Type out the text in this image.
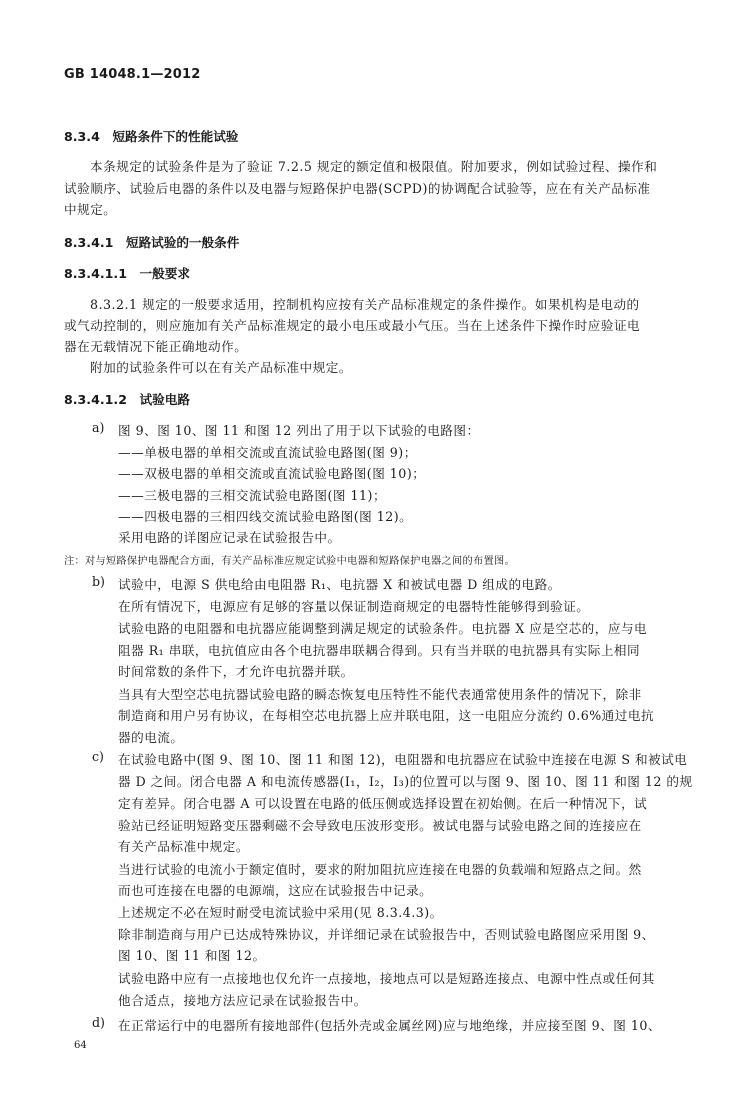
GB 14048.1—2012
8.3.4　短路条件下的性能试验
本条规定的试验条件是为了验证 7.2.5 规定的额定值和极限值。附加要求，例如试验过程、操作和
试验顺序、试验后电器的条件以及电器与短路保护电器(SCPD)的协调配合试验等，应在有关产品标准
中规定。
8.3.4.1　短路试验的一般条件
8.3.4.1.1　一般要求
8.3.2.1 规定的一般要求适用，控制机构应按有关产品标准规定的条件操作。如果机构是电动的
或气动控制的，则应施加有关产品标准规定的最小电压或最小气压。当在上述条件下操作时应验证电
器在无载情况下能正确地动作。
附加的试验条件可以在有关产品标准中规定。
8.3.4.1.2　试验电路
a) 图 9、图 10、图 11 和图 12 列出了用于以下试验的电路图：
——单极电器的单相交流或直流试验电路图(图 9)；
——双极电器的单相交流或直流试验电路图(图 10)；
——三极电器的三相交流试验电路图(图 11)；
——四极电器的三相四线交流试验电路图(图 12)。
采用电路的详图应记录在试验报告中。
注：对与短路保护电器配合方面，有关产品标准应规定试验中电器和短路保护电器之间的布置图。
b) 试验中，电源 S 供电给由电阻器 R₁、电抗器 X 和被试电器 D 组成的电路。
在所有情况下，电源应有足够的容量以保证制造商规定的电器特性能够得到验证。
试验电路的电阻器和电抗器应能调整到满足规定的试验条件。电抗器 X 应是空芯的，应与电
阻器 R₁ 串联，电抗值应由各个电抗器串联耦合得到。只有当并联的电抗器具有实际上相同
时间常数的条件下，才允许电抗器并联。
当具有大型空芯电抗器试验电路的瞬态恢复电压特性不能代表通常使用条件的情况下，除非
制造商和用户另有协议，在每相空芯电抗器上应并联电阻，这一电阻应分流约 0.6%通过电抗
器的电流。
c) 在试验电路中(图 9、图 10、图 11 和图 12)，电阻器和电抗器应在试验中连接在电源 S 和被试电
器 D 之间。闭合电器 A 和电流传感器(I₁，I₂，I₃)的位置可以与图 9、图 10、图 11 和图 12 的规
定有差异。闭合电器 A 可以设置在电路的低压侧或选择设置在初始侧。在后一种情况下，试
验站已经证明短路变压器剩磁不会导致电压波形变形。被试电器与试验电路之间的连接应在
有关产品标准中规定。
当进行试验的电流小于额定值时，要求的附加阻抗应连接在电器的负载端和短路点之间。然
而也可连接在电器的电源端，这应在试验报告中记录。
上述规定不必在短时耐受电流试验中采用(见 8.3.4.3)。
除非制造商与用户已达成特殊协议，并详细记录在试验报告中，否则试验电路图应采用图 9、
图 10、图 11 和图 12。
试验电路中应有一点接地也仅允许一点接地，接地点可以是短路连接点、电源中性点或任何其
他合适点，接地方法应记录在试验报告中。
d) 在正常运行中的电器所有接地部件(包括外壳或金属丝网)应与地绝缘，并应接至图 9、图 10、
64
